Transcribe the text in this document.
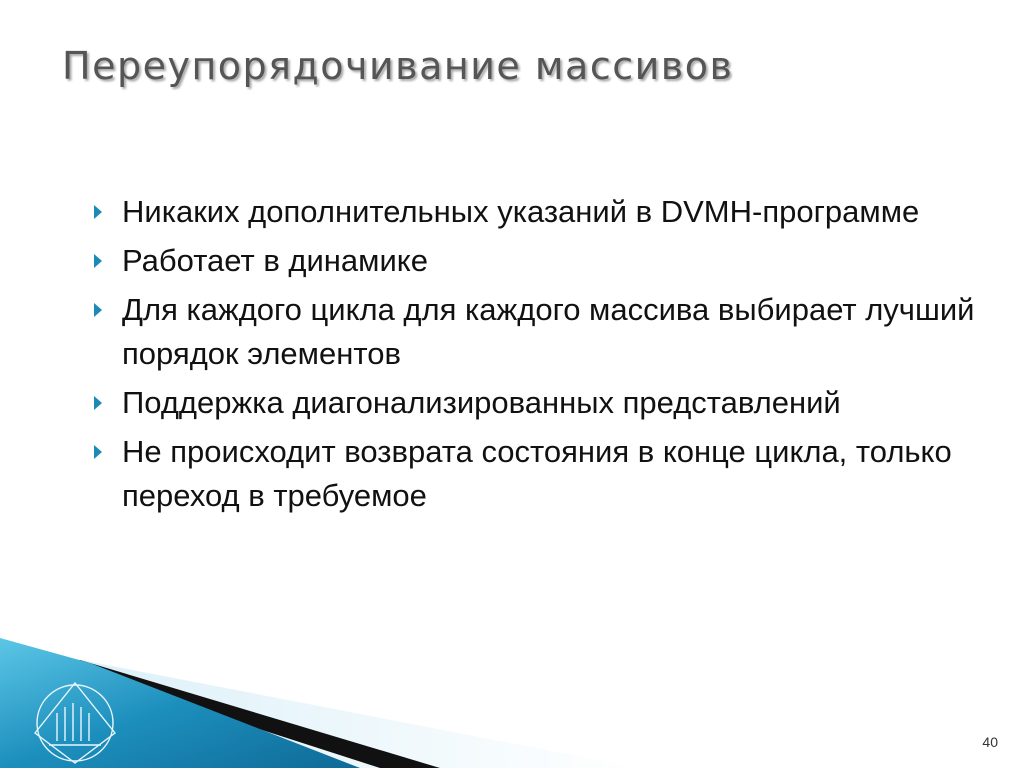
Переупорядочивание массивов
Никаких дополнительных указаний в DVMH-программе
Работает в динамике
Для каждого цикла для каждого массива выбирает лучший порядок элементов
Поддержка диагонализированных представлений
Не происходит возврата состояния в конце цикла, только переход в требуемое
40
